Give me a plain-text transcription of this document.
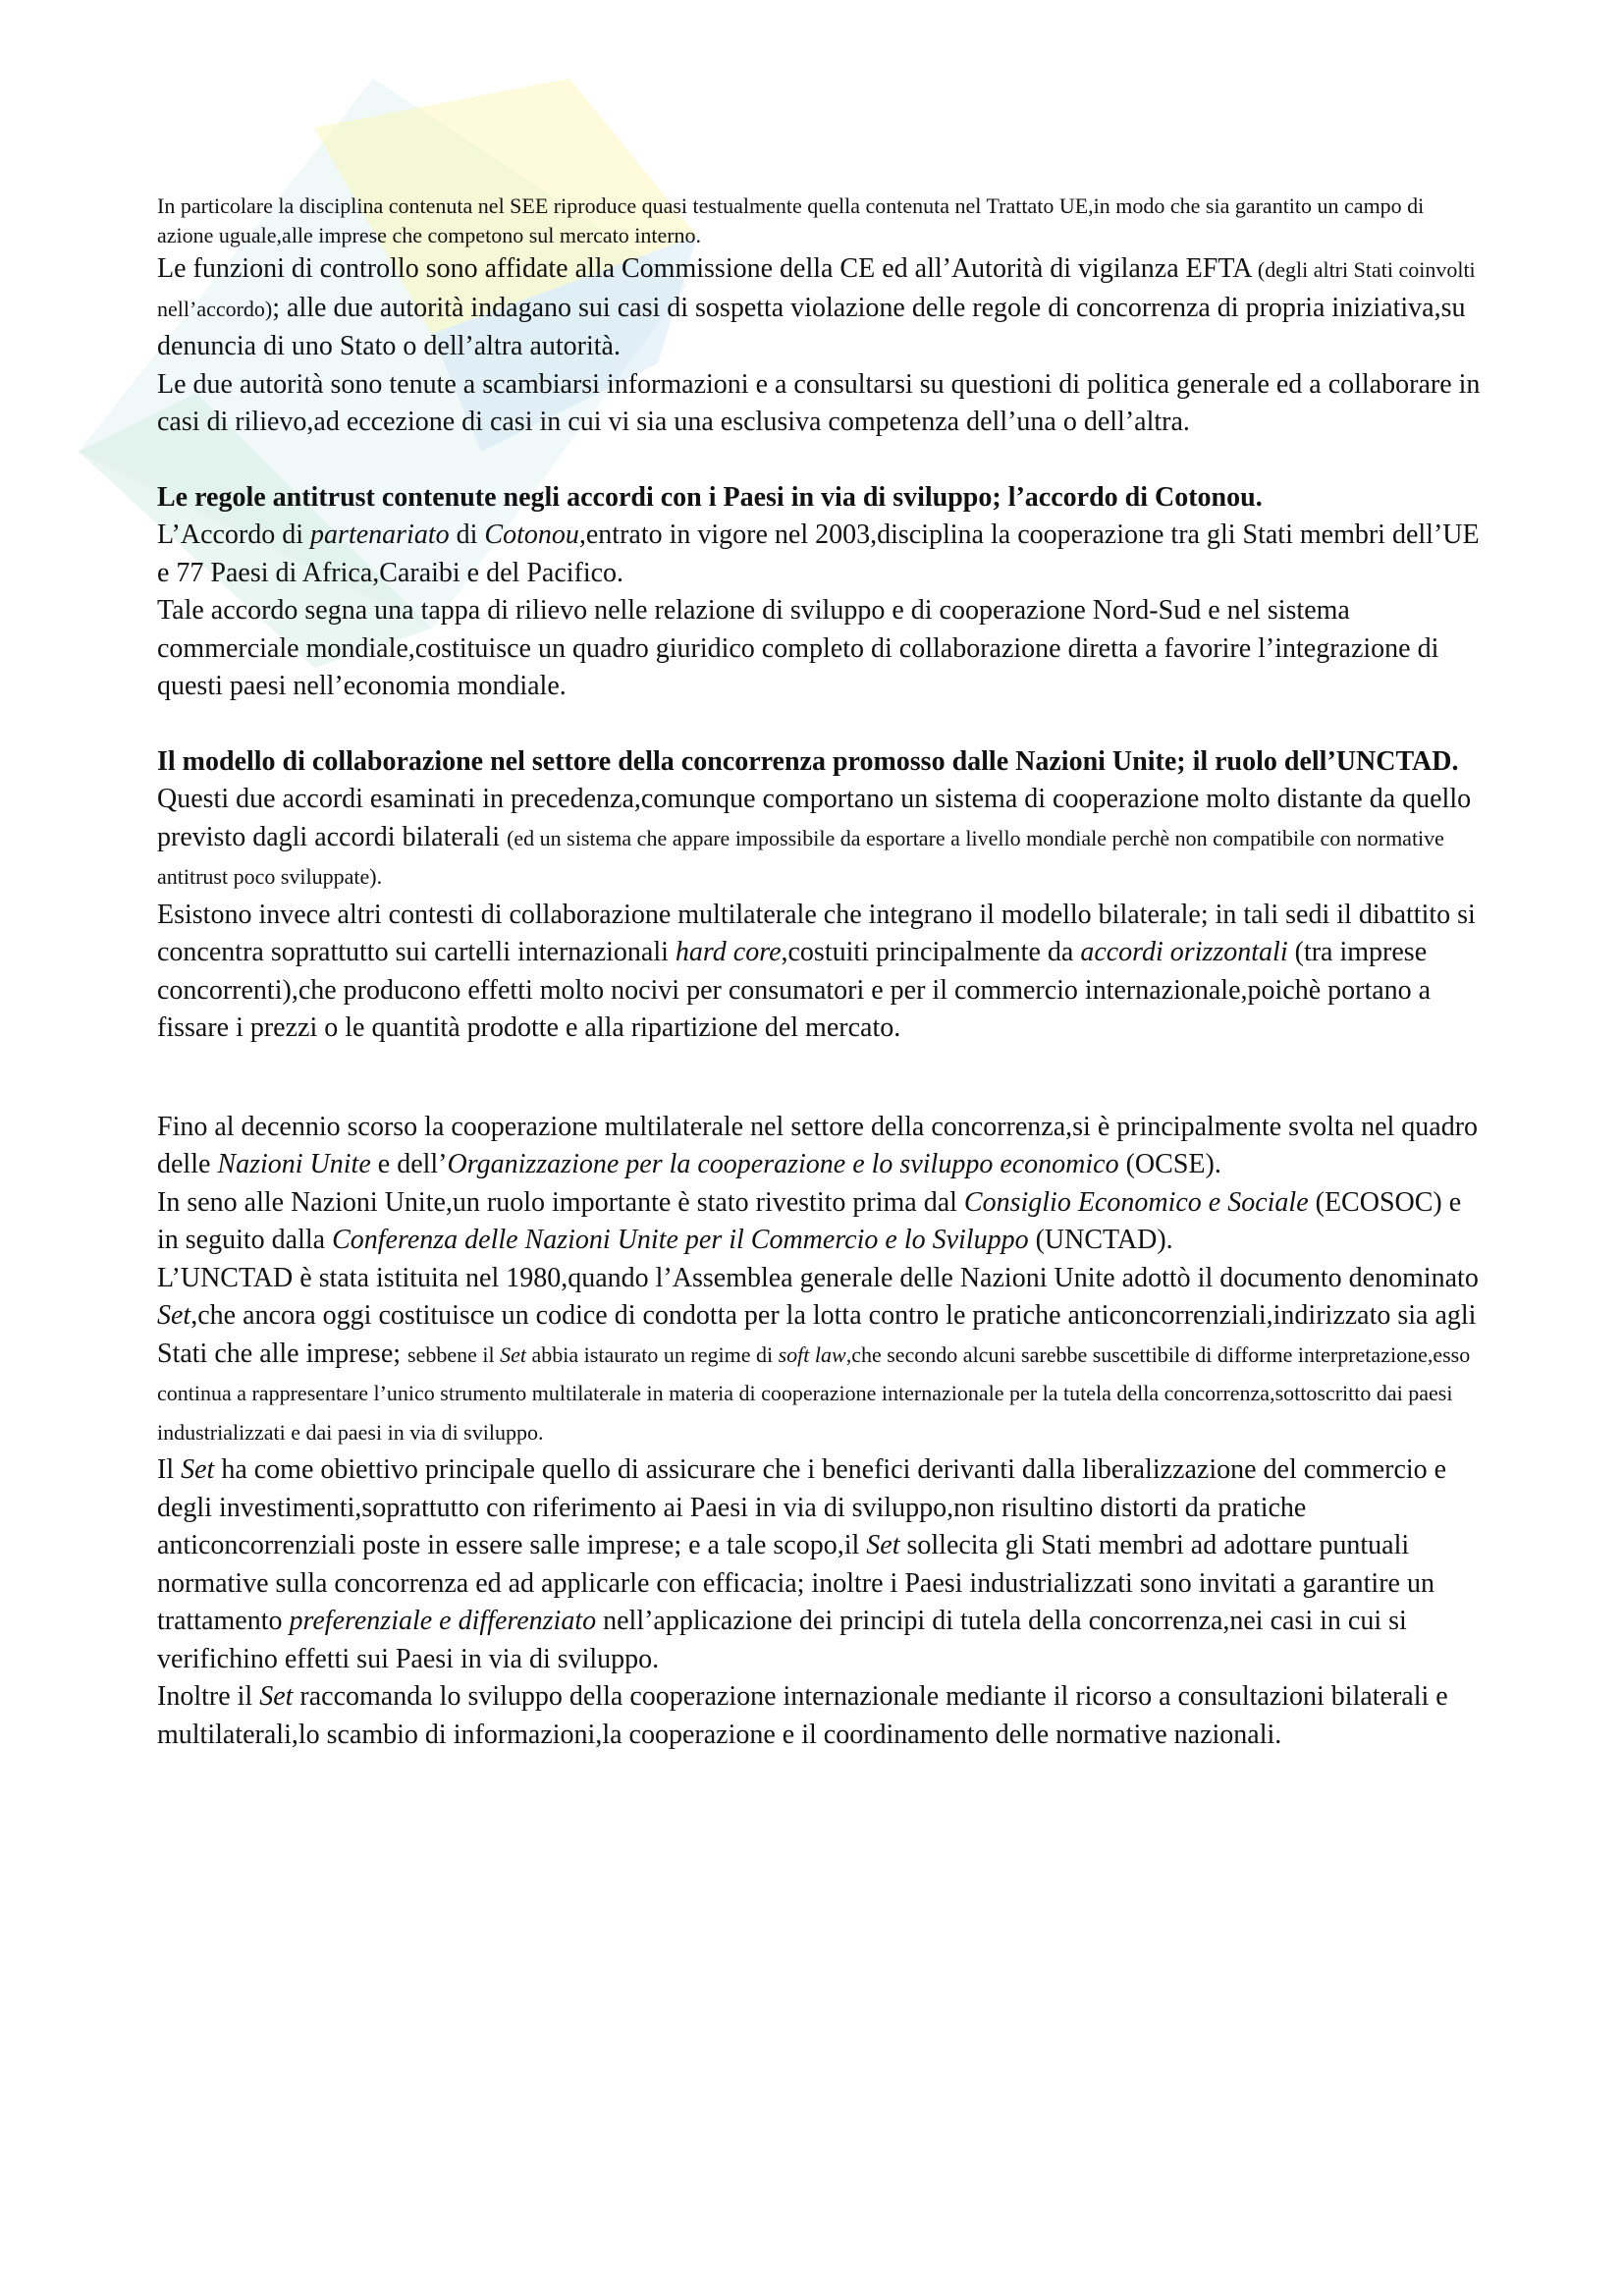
In particolare la disciplina contenuta nel SEE riproduce quasi testualmente quella contenuta nel Trattato UE,in modo che sia garantito un campo di azione uguale,alle imprese che competono sul mercato interno.

Le funzioni di controllo sono affidate alla Commissione della CE ed all’Autorità di vigilanza EFTA (degli altri Stati coinvolti nell’accordo); alle due autorità indagano sui casi di sospetta violazione delle regole di concorrenza di propria iniziativa,su denuncia di uno Stato o dell’altra autorità.

Le due autorità sono tenute a scambiarsi informazioni e a consultarsi su questioni di politica generale ed a collaborare in casi di rilievo,ad eccezione di casi in cui vi sia una esclusiva competenza dell’una o dell’altra.

Le regole antitrust contenute negli accordi con i Paesi in via di sviluppo; l’accordo di Cotonou.

L’Accordo di partenariato di Cotonou,entrato in vigore nel 2003,disciplina la cooperazione tra gli Stati membri dell’UE e 77 Paesi di Africa,Caraibi e del Pacifico.

Tale accordo segna una tappa di rilievo nelle relazione di sviluppo e di cooperazione Nord-Sud e nel sistema commerciale mondiale,costituisce un quadro giuridico completo di collaborazione diretta a favorire l’integrazione di questi paesi nell’economia mondiale.

Il modello di collaborazione nel settore della concorrenza promosso dalle Nazioni Unite; il ruolo dell’UNCTAD.

Questi due accordi esaminati in precedenza,comunque comportano un sistema di cooperazione molto distante da quello previsto dagli accordi bilaterali (ed un sistema che appare impossibile da esportare a livello mondiale perchè non compatibile con normative antitrust poco sviluppate).

Esistono invece altri contesti di collaborazione multilaterale che integrano il modello bilaterale; in tali sedi il dibattito si concentra soprattutto sui cartelli internazionali hard core,costuiti principalmente da accordi orizzontali (tra imprese concorrenti),che producono effetti molto nocivi per consumatori e per il commercio internazionale,poichè portano a fissare i prezzi o le quantità prodotte e alla ripartizione del mercato.

Fino al decennio scorso la cooperazione multilaterale nel settore della concorrenza,si è principalmente svolta nel quadro delle Nazioni Unite e dell’Organizzazione per la cooperazione e lo sviluppo economico (OCSE).

In seno alle Nazioni Unite,un ruolo importante è stato rivestito prima dal Consiglio Economico e Sociale (ECOSOC) e in seguito dalla Conferenza delle Nazioni Unite per il Commercio e lo Sviluppo (UNCTAD).

L’UNCTAD è stata istituita nel 1980,quando l’Assemblea generale delle Nazioni Unite adottò il documento denominato Set,che ancora oggi costituisce un codice di condotta per la lotta contro le pratiche anticoncorrenziali,indirizzato sia agli Stati che alle imprese; sebbene il Set abbia istaurato un regime di soft law,che secondo alcuni sarebbe suscettibile di difforme interpretazione,esso continua a rappresentare l’unico strumento multilaterale in materia di cooperazione internazionale per la tutela della concorrenza,sottoscritto dai paesi industrializzati e dai paesi in via di sviluppo.

Il Set ha come obiettivo principale quello di assicurare che i benefici derivanti dalla liberalizzazione del commercio e degli investimenti,soprattutto con riferimento ai Paesi in via di sviluppo,non risultino distorti da pratiche anticoncorrenziali poste in essere salle imprese; e a tale scopo,il Set sollecita gli Stati membri ad adottare puntuali normative sulla concorrenza ed ad applicarle con efficacia; inoltre i Paesi industrializzati sono invitati a garantire un trattamento preferenziale e differenziato nell’applicazione dei principi di tutela della concorrenza,nei casi in cui si verifichino effetti sui Paesi in via di sviluppo.

Inoltre il Set raccomanda lo sviluppo della cooperazione internazionale mediante il ricorso a consultazioni bilaterali e multilaterali,lo scambio di informazioni,la cooperazione e il coordinamento delle normative nazionali.
